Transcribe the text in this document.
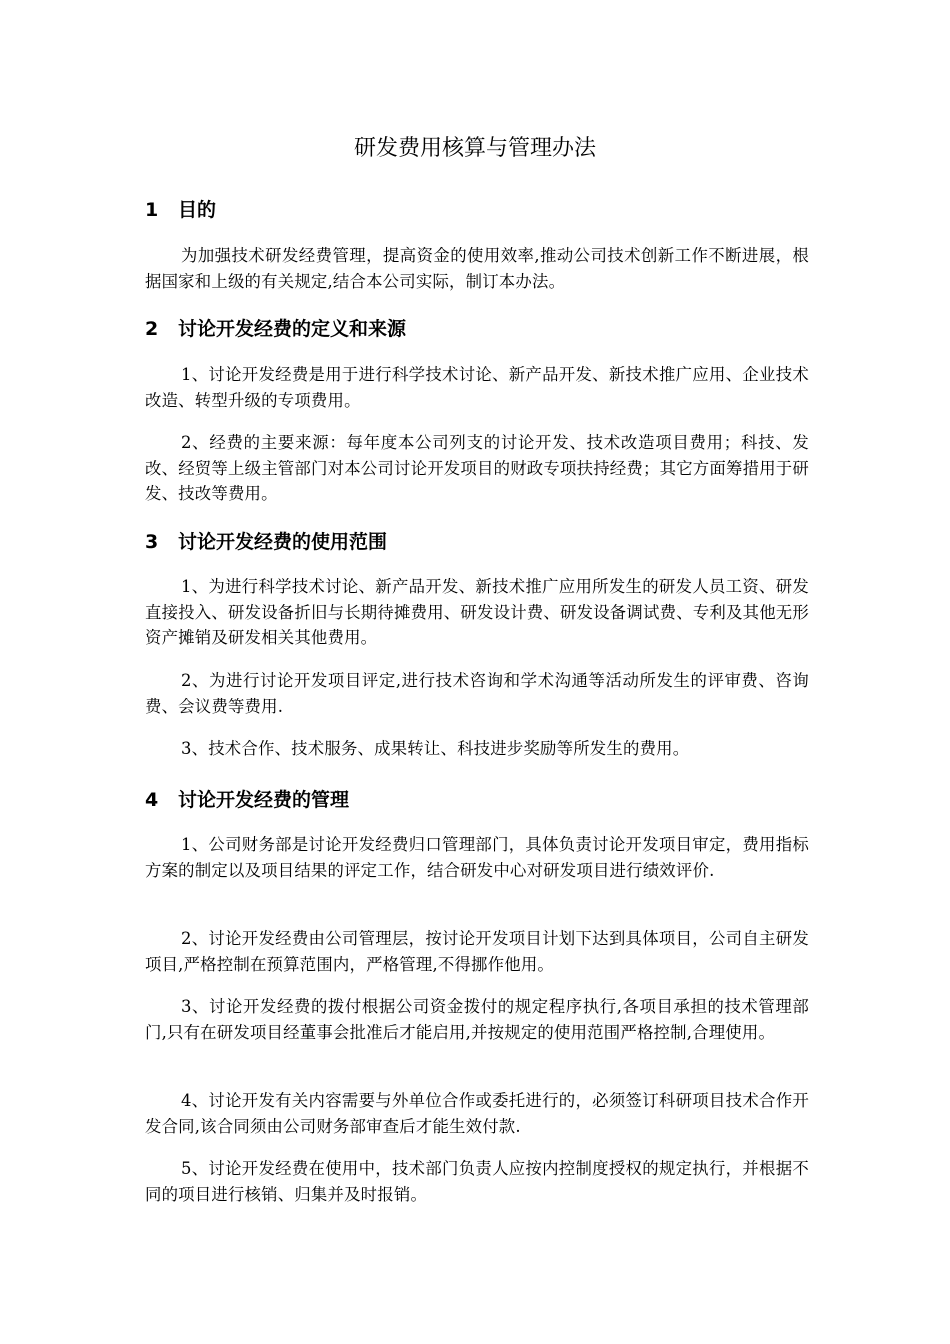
研发费用核算与管理办法
1 目的

为加强技术研发经费管理，提高资金的使用效率,推动公司技术创新工作不断进展，根据国家和上级的有关规定,结合本公司实际，制订本办法。

2 讨论开发经费的定义和来源

1、讨论开发经费是用于进行科学技术讨论、新产品开发、新技术推广应用、企业技术改造、转型升级的专项费用。

2、经费的主要来源：每年度本公司列支的讨论开发、技术改造项目费用；科技、发改、经贸等上级主管部门对本公司讨论开发项目的财政专项扶持经费；其它方面筹措用于研发、技改等费用。

3 讨论开发经费的使用范围

1、为进行科学技术讨论、新产品开发、新技术推广应用所发生的研发人员工资、研发直接投入、研发设备折旧与长期待摊费用、研发设计费、研发设备调试费、专利及其他无形资产摊销及研发相关其他费用。

2、为进行讨论开发项目评定,进行技术咨询和学术沟通等活动所发生的评审费、咨询费、会议费等费用.

3、技术合作、技术服务、成果转让、科技进步奖励等所发生的费用。

4 讨论开发经费的管理

1、公司财务部是讨论开发经费归口管理部门，具体负责讨论开发项目审定，费用指标方案的制定以及项目结果的评定工作，结合研发中心对研发项目进行绩效评价.

2、讨论开发经费由公司管理层，按讨论开发项目计划下达到具体项目，公司自主研发项目,严格控制在预算范围内，严格管理,不得挪作他用。

3、讨论开发经费的拨付根据公司资金拨付的规定程序执行,各项目承担的技术管理部门,只有在研发项目经董事会批准后才能启用,并按规定的使用范围严格控制,合理使用。

4、讨论开发有关内容需要与外单位合作或委托进行的，必须签订科研项目技术合作开发合同,该合同须由公司财务部审查后才能生效付款.

5、讨论开发经费在使用中，技术部门负责人应按内控制度授权的规定执行，并根据不同的项目进行核销、归集并及时报销。
